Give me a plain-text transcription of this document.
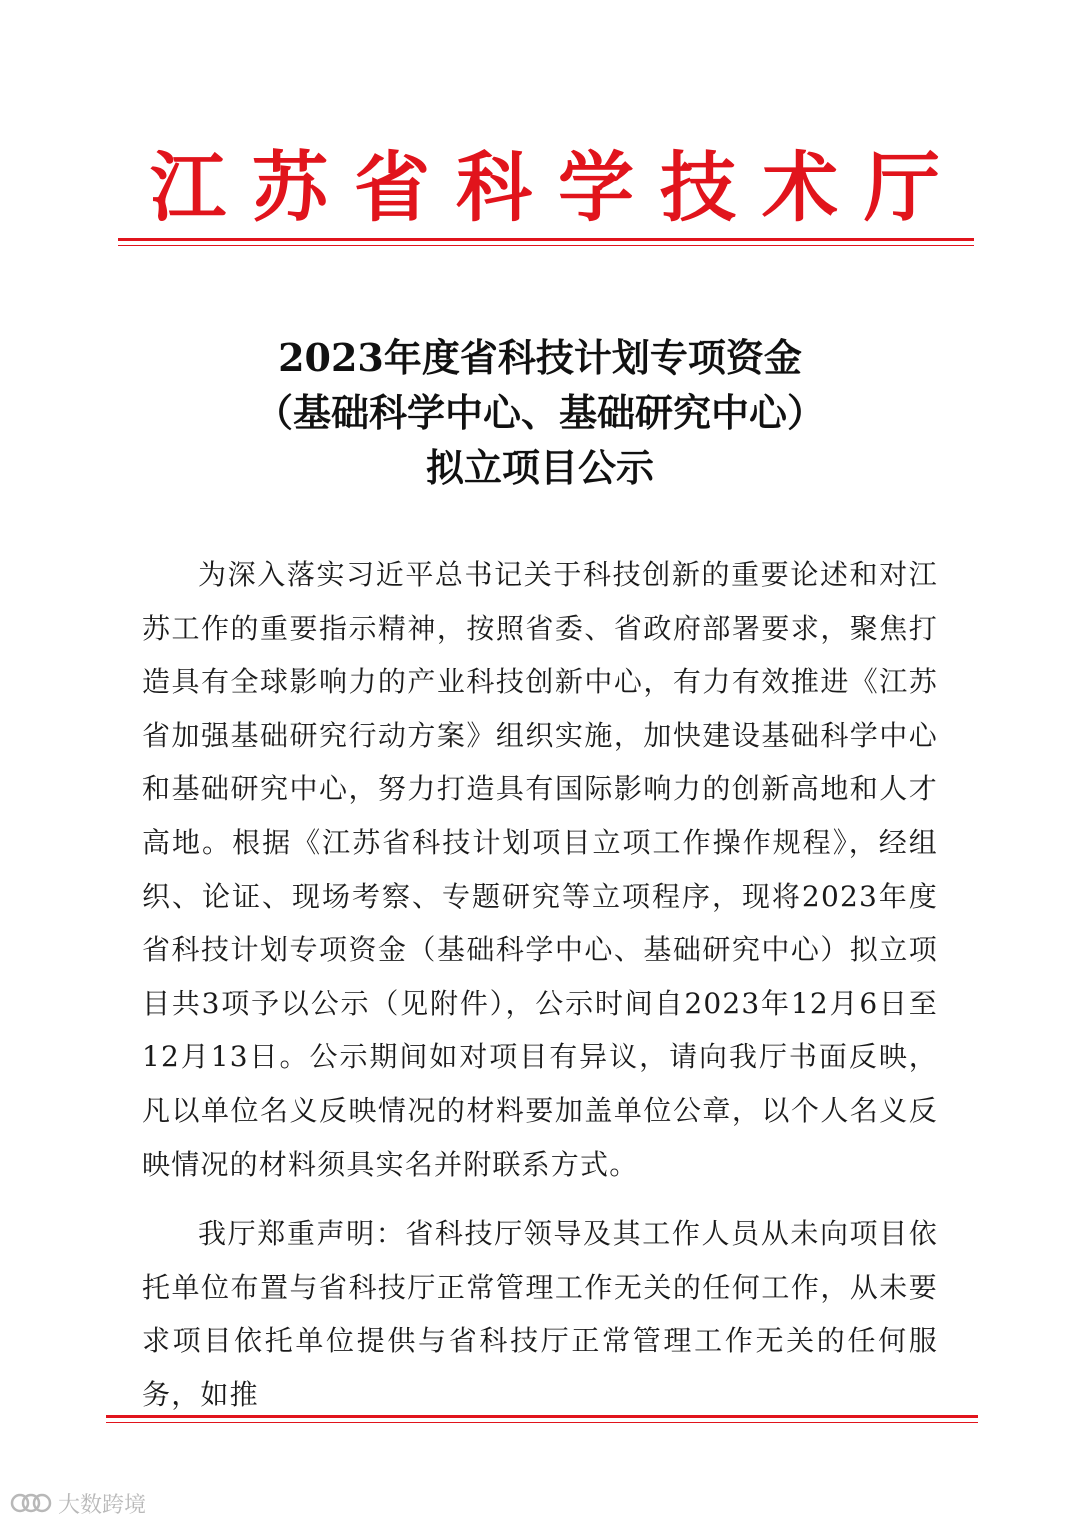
江 苏 省 科 学 技 术 厅
2023年度省科技计划专项资金
（基础科学中心、基础研究中心）
拟立项目公示

为深入落实习近平总书记关于科技创新的重要论述和对江苏工作的重要指示精神，按照省委、省政府部署要求，聚焦打造具有全球影响力的产业科技创新中心，有力有效推进《江苏省加强基础研究行动方案》组织实施，加快建设基础科学中心和基础研究中心，努力打造具有国际影响力的创新高地和人才高地。根据《江苏省科技计划项目立项工作操作规程》，经组织、论证、现场考察、专题研究等立项程序，现将2023年度省科技计划专项资金（基础科学中心、基础研究中心）拟立项目共3项予以公示（见附件），公示时间自2023年12月6日至12月13日。公示期间如对项目有异议，请向我厅书面反映，凡以单位名义反映情况的材料要加盖单位公章，以个人名义反映情况的材料须具实名并附联系方式。

我厅郑重声明：省科技厅领导及其工作人员从未向项目依托单位布置与省科技厅正常管理工作无关的任何工作，从未要求项目依托单位提供与省科技厅正常管理工作无关的任何服务，如推

大数跨境
